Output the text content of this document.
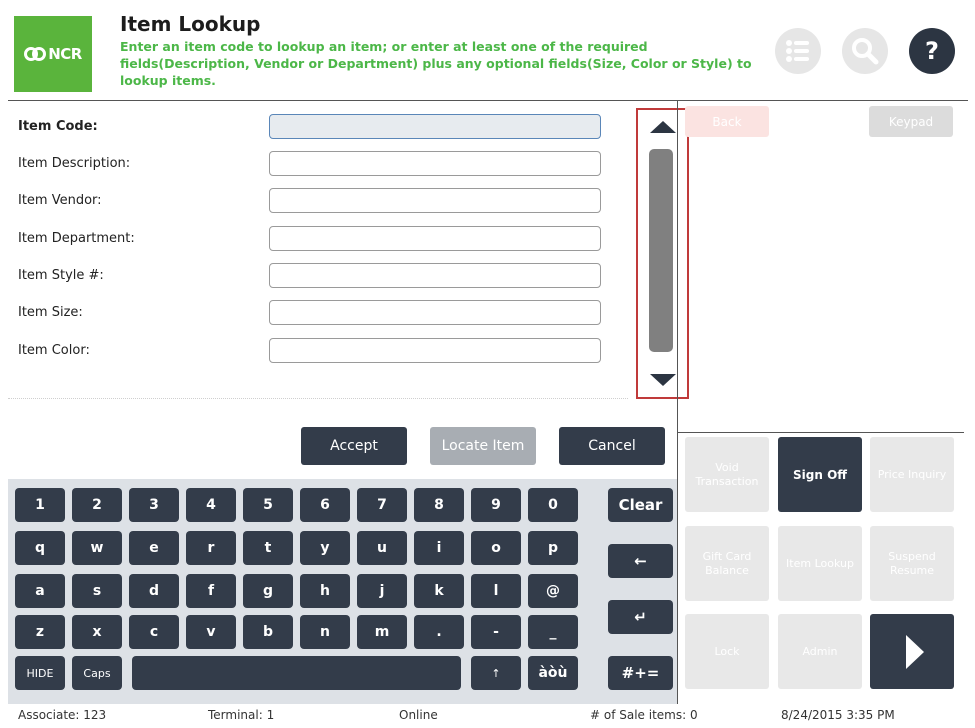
NCR
Item Lookup
Enter an item code to lookup an item; or enter at least one of the required fields(Description, Vendor or Department) plus any optional fields(Size, Color or Style) to lookup items.
?
Item Code:
Item Description:
Item Vendor:
Item Department:
Item Style #:
Item Size:
Item Color:
Accept	Locate Item	Cancel
1	2	3	4	5	6	7	8	9	0	Clear
q	w	e	r	t	y	u	i	o	p
←
a	s	d	f	g	h	j	k	l	@
z	x	c	v	b	n	m	.	-	_
↵
HIDE	Caps	↑	àòù	#+=
Back	Keypad
Void Transaction	Sign Off	Price Inquiry
Gift Card Balance
Item Lookup
Suspend Resume
Lock	Admin
Associate: 123	Terminal: 1	Online	# of Sale items: 0	8/24/2015 3:35 PM
